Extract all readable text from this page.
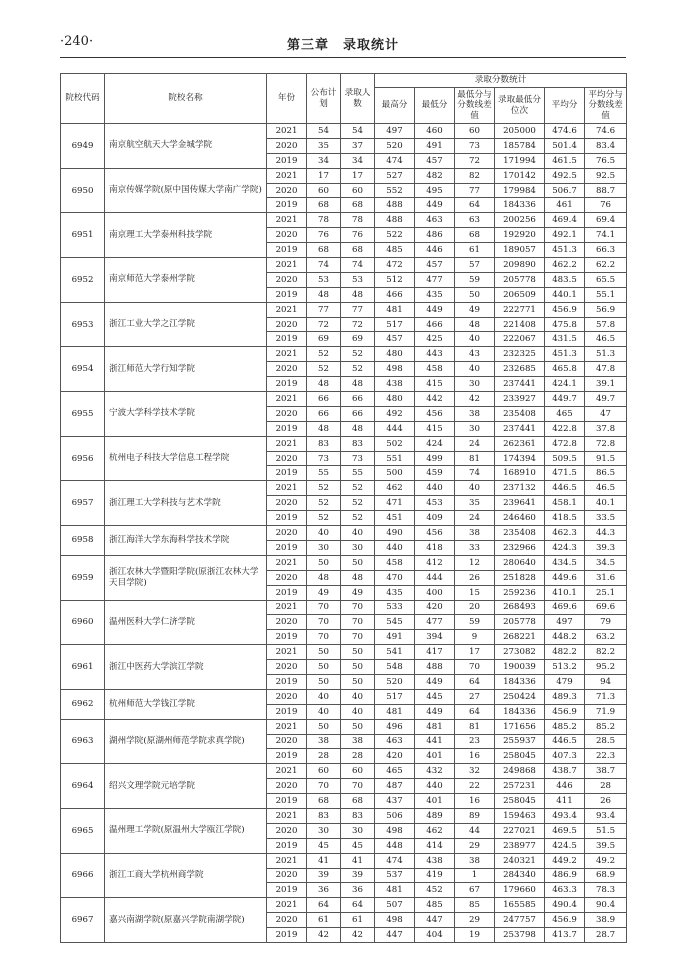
·240·	第三章　录取统计
院校代码	院校名称	年份	公布计划	录取人数	录取分数统计					
					最高分	最低分	最低分与分数线差值	录取最低分位次	平均分	平均分与分数线差值
6949	南京航空航天大学金城学院	2021	54	54	497	460	60	205000	474.6	74.6
		2020	35	37	520	491	73	185784	501.4	83.4
		2019	34	34	474	457	72	171994	461.5	76.5
6950	南京传媒学院(原中国传媒大学南广学院)	2021	17	17	527	482	82	170142	492.5	92.5
		2020	60	60	552	495	77	179984	506.7	88.7
		2019	68	68	488	449	64	184336	461	76
6951	南京理工大学泰州科技学院	2021	78	78	488	463	63	200256	469.4	69.4
		2020	76	76	522	486	68	192920	492.1	74.1
		2019	68	68	485	446	61	189057	451.3	66.3
6952	南京师范大学泰州学院	2021	74	74	472	457	57	209890	462.2	62.2
		2020	53	53	512	477	59	205778	483.5	65.5
		2019	48	48	466	435	50	206509	440.1	55.1
6953	浙江工业大学之江学院	2021	77	77	481	449	49	222771	456.9	56.9
		2020	72	72	517	466	48	221408	475.8	57.8
		2019	69	69	457	425	40	222067	431.5	46.5
6954	浙江师范大学行知学院	2021	52	52	480	443	43	232325	451.3	51.3
		2020	52	52	498	458	40	232685	465.8	47.8
		2019	48	48	438	415	30	237441	424.1	39.1
6955	宁波大学科学技术学院	2021	66	66	480	442	42	233927	449.7	49.7
		2020	66	66	492	456	38	235408	465	47
		2019	48	48	444	415	30	237441	422.8	37.8
6956	杭州电子科技大学信息工程学院	2021	83	83	502	424	24	262361	472.8	72.8
		2020	73	73	551	499	81	174394	509.5	91.5
		2019	55	55	500	459	74	168910	471.5	86.5
6957	浙江理工大学科技与艺术学院	2021	52	52	462	440	40	237132	446.5	46.5
		2020	52	52	471	453	35	239641	458.1	40.1
		2019	52	52	451	409	24	246460	418.5	33.5
6958	浙江海洋大学东海科学技术学院	2020	40	40	490	456	38	235408	462.3	44.3
		2019	30	30	440	418	33	232966	424.3	39.3
6959	浙江农林大学暨阳学院(原浙江农林大学天目学院)	2021	50	50	458	412	12	280640	434.5	34.5
		2020	48	48	470	444	26	251828	449.6	31.6
		2019	49	49	435	400	15	259236	410.1	25.1
6960	温州医科大学仁济学院	2021	70	70	533	420	20	268493	469.6	69.6
		2020	70	70	545	477	59	205778	497	79
		2019	70	70	491	394	9	268221	448.2	63.2
6961	浙江中医药大学滨江学院	2021	50	50	541	417	17	273082	482.2	82.2
		2020	50	50	548	488	70	190039	513.2	95.2
		2019	50	50	520	449	64	184336	479	94
6962	杭州师范大学钱江学院	2020	40	40	517	445	27	250424	489.3	71.3
		2019	40	40	481	449	64	184336	456.9	71.9
6963	湖州学院(原湖州师范学院求真学院)	2021	50	50	496	481	81	171656	485.2	85.2
		2020	38	38	463	441	23	255937	446.5	28.5
		2019	28	28	420	401	16	258045	407.3	22.3
6964	绍兴文理学院元培学院	2021	60	60	465	432	32	249868	438.7	38.7
		2020	70	70	487	440	22	257231	446	28
		2019	68	68	437	401	16	258045	411	26
6965	温州理工学院(原温州大学瓯江学院)	2021	83	83	506	489	89	159463	493.4	93.4
		2020	30	30	498	462	44	227021	469.5	51.5
		2019	45	45	448	414	29	238977	424.5	39.5
6966	浙江工商大学杭州商学院	2021	41	41	474	438	38	240321	449.2	49.2
		2020	39	39	537	419	1	284340	486.9	68.9
		2019	36	36	481	452	67	179660	463.3	78.3
6967	嘉兴南湖学院(原嘉兴学院南湖学院)	2021	64	64	507	485	85	165585	490.4	90.4
		2020	61	61	498	447	29	247757	456.9	38.9
		2019	42	42	447	404	19	253798	413.7	28.7
